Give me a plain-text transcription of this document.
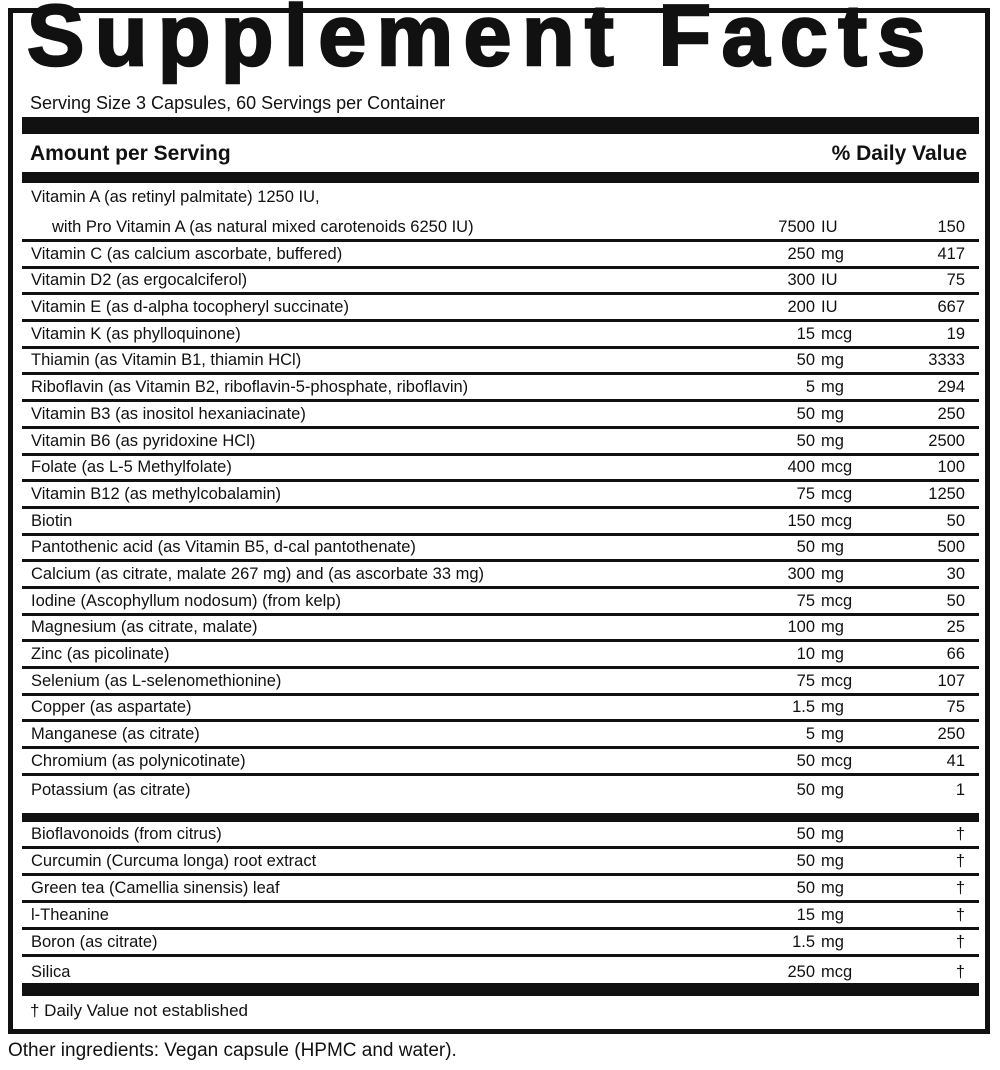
Supplement Facts
Serving Size 3 Capsules, 60 Servings per Container
Amount per Serving	% Daily Value
Vitamin A (as retinyl palmitate) 1250 IU,
with Pro Vitamin A (as natural mixed carotenoids 6250 IU)	7500 IU	150
Vitamin C (as calcium ascorbate, buffered)	250 mg	417
Vitamin D2 (as ergocalciferol)	300 IU	75
Vitamin E (as d-alpha tocopheryl succinate)	200 IU	667
Vitamin K (as phylloquinone)	15 mcg	19
Thiamin (as Vitamin B1, thiamin HCl)	50 mg	3333
Riboflavin (as Vitamin B2, riboflavin-5-phosphate, riboflavin)	5 mg	294
Vitamin B3 (as inositol hexaniacinate)	50 mg	250
Vitamin B6 (as pyridoxine HCl)	50 mg	2500
Folate (as L-5 Methylfolate)	400 mcg	100
Vitamin B12 (as methylcobalamin)	75 mcg	1250
Biotin	150 mcg	50
Pantothenic acid (as Vitamin B5, d-cal pantothenate)	50 mg	500
Calcium (as citrate, malate 267 mg) and (as ascorbate 33 mg)	300 mg	30
Iodine (Ascophyllum nodosum) (from kelp)	75 mcg	50
Magnesium (as citrate, malate)	100 mg	25
Zinc (as picolinate)	10 mg	66
Selenium (as L-selenomethionine)	75 mcg	107
Copper (as aspartate)	1.5 mg	75
Manganese (as citrate)	5 mg	250
Chromium (as polynicotinate)	50 mcg	41
Potassium (as citrate)	50 mg	1
Bioflavonoids (from citrus)	50 mg	†
Curcumin (Curcuma longa) root extract	50 mg	†
Green tea (Camellia sinensis) leaf	50 mg	†
l-Theanine	15 mg	†
Boron (as citrate)	1.5 mg	†
Silica	250 mcg	†
† Daily Value not established
Other ingredients: Vegan capsule (HPMC and water).
